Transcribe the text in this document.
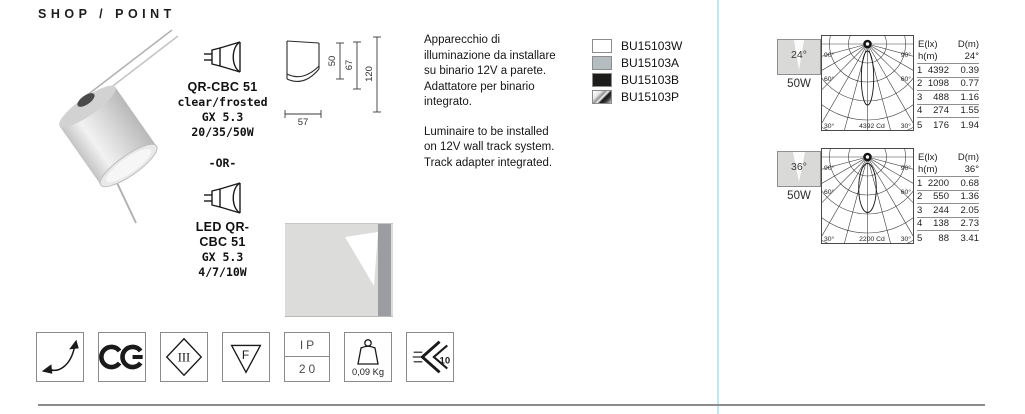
SHOP / POINT
QR-CBC 51
clear/frosted
GX 5.3
20/35/50W
-OR-
LED QR-
CBC 51
GX 5.3
4/7/10W
50 67
120
57
Apparecchio di
illuminazione da installare
su binario 12V a parete.
Adattatore per binario
integrato.
Luminaire to be installed
on 12V wall track system.
Track adapter integrated.
BU15103W
BU15103A
BU15103B
BU15103P
24°
50W
90°	90°
60°	60°
30°	30°
4392 Cd
E(lx)	D(m)
h(m)	24°
1 4392	0.39
2 1098	0.77
3	488	1.16
4	274	1.55
5	176	1.94
36°
50W
90°	90°
60°	60°
30°	30°
2200 Cd
E(lx)	D(m)
h(m)	36°
1 2200	0.68
2	550	1.36
3	244	2.05
4	138	2.73
5	88	3.41
III	F
IP
20	0,09 Kg
10
